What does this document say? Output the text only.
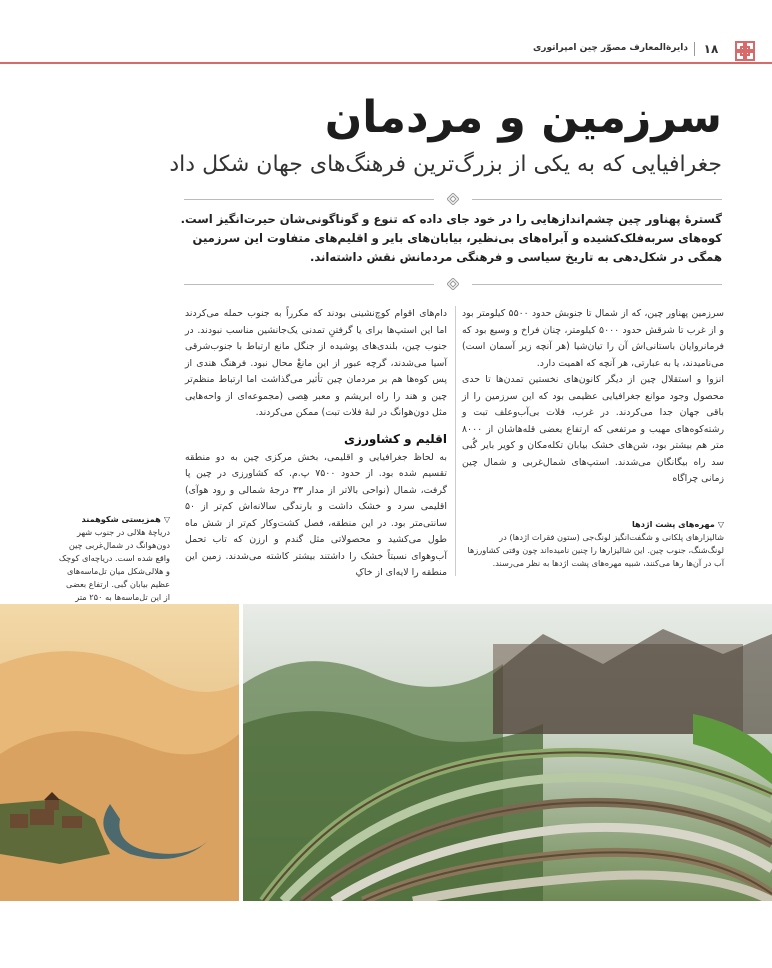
۱۸
دایرةالمعارف مصوّر چین امپراتوری
سرزمین و مردمان
جغرافیایی که به یکی از بزرگ‌ترین فرهنگ‌های جهان شکل داد
گسترهٔ پهناور چین چشم‌اندازهایی را در خود جای داده که تنوع و گوناگونی‌شان حیرت‌انگیز است. کوه‌های سربه‌فلک‌کشیده و آبراه‌های بی‌نظیر، بیابان‌های بایر و اقلیم‌های متفاوت این سرزمین همگی در شکل‌دهی به تاریخ سیاسی و فرهنگی مردمانش نقش داشته‌اند.

سرزمین پهناور چین، که از شمال تا جنوبش حدود ۵۵۰۰ کیلومتر بود و از غرب تا شرقش حدود ۵۰۰۰ کیلومتر، چنان فراخ و وسیع بود که فرمانروایان باستانی‌اش آن را تیان‌شیا (هر آنچه زیر آسمان است) می‌نامیدند، یا به عبارتی، هر آنچه که اهمیت دارد.

انزوا و استقلال چین از دیگر کانون‌های نخستین تمدن‌ها تا حدی محصول وجود موانع جغرافیایی عظیمی بود که این سرزمین را از باقی جهان جدا می‌کردند. در غرب، فلات بی‌آب‌وعلف تبت و رشته‌کوه‌های مهیب و مرتفعی که ارتفاع بعضی قله‌هاشان از ۸۰۰۰ متر هم بیشتر بود، شن‌های خشک بیابان تکله‌مکان و کویر بایر گُبی سد راه بیگانگان می‌شدند. استپ‌های شمال‌غربی و شمال چین زمانی چراگاه

دام‌های اقوام کوچ‌نشینی بودند که مکرراً به جنوب حمله می‌کردند اما این استپ‌ها برای یا گرفتنِ تمدنی یک‌جانشین مناسب نبودند. در جنوب چین، بلندی‌های پوشیده از جنگل مانع ارتباط با جنوب‌شرقی آسیا می‌شدند، گرچه عبور از این مانعْ محال نبود. فرهنگ هندی از پس کوه‌ها هم بر مردمان چین تأثیر می‌گذاشت اما ارتباط منظم‌تر چین و هند را راه ابریشم و معبر هِصی (مجموعه‌ای از واحه‌هایی مثل دون‌هوانگ در لبهٔ فلات تبت) ممکن می‌کردند.

اقلیم و کشاورزی

به لحاظ جغرافیایی و اقلیمی، بخش مرکزی چین به دو منطقه تقسیم شده بود. از حدود ۷۵۰۰ پ.م. که کشاورزی در چین پا گرفت، شمال (نواحی بالاتر از مدار ۳۳ درجهٔ شمالی و رود هوآی) اقلیمی سرد و خشک داشت و بارندگی سالانه‌اش کم‌تر از ۵۰ سانتی‌متر بود. در این منطقه، فصل کشت‌وکار کم‌تر از شش ماه طول می‌کشید و محصولاتی مثل گندم و ارزن که تاب تحمل آب‌وهوای نسبتاً خشک را داشتند بیشتر کاشته می‌شدند. زمین این منطقه را لایه‌ای از خاکِ

▽مهره‌های پشت اژدها
شالیزارهای پلکانی و شگفت‌انگیز لونگ‌جی (ستون فقرات اژدها) در لونگ‌شنگ، جنوب چین. این شالیزارها را چنین نامیده‌اند چون وقتی کشاورزها آب در آن‌ها رها می‌کنند، شبیه مهره‌های پشت اژدها به نظر می‌رسند.
▽همزیستی شکوهمند
دریاچهٔ هلالی در جنوب شهر دون‌هوانگ در شمال‌غربی چین واقع شده است. دریاچه‌ای کوچک و هلالی‌شکل میان تل‌ماسه‌های عظیم بیابان گبی. ارتفاع بعضی از این تل‌ماسه‌ها به ۲۵۰ متر
